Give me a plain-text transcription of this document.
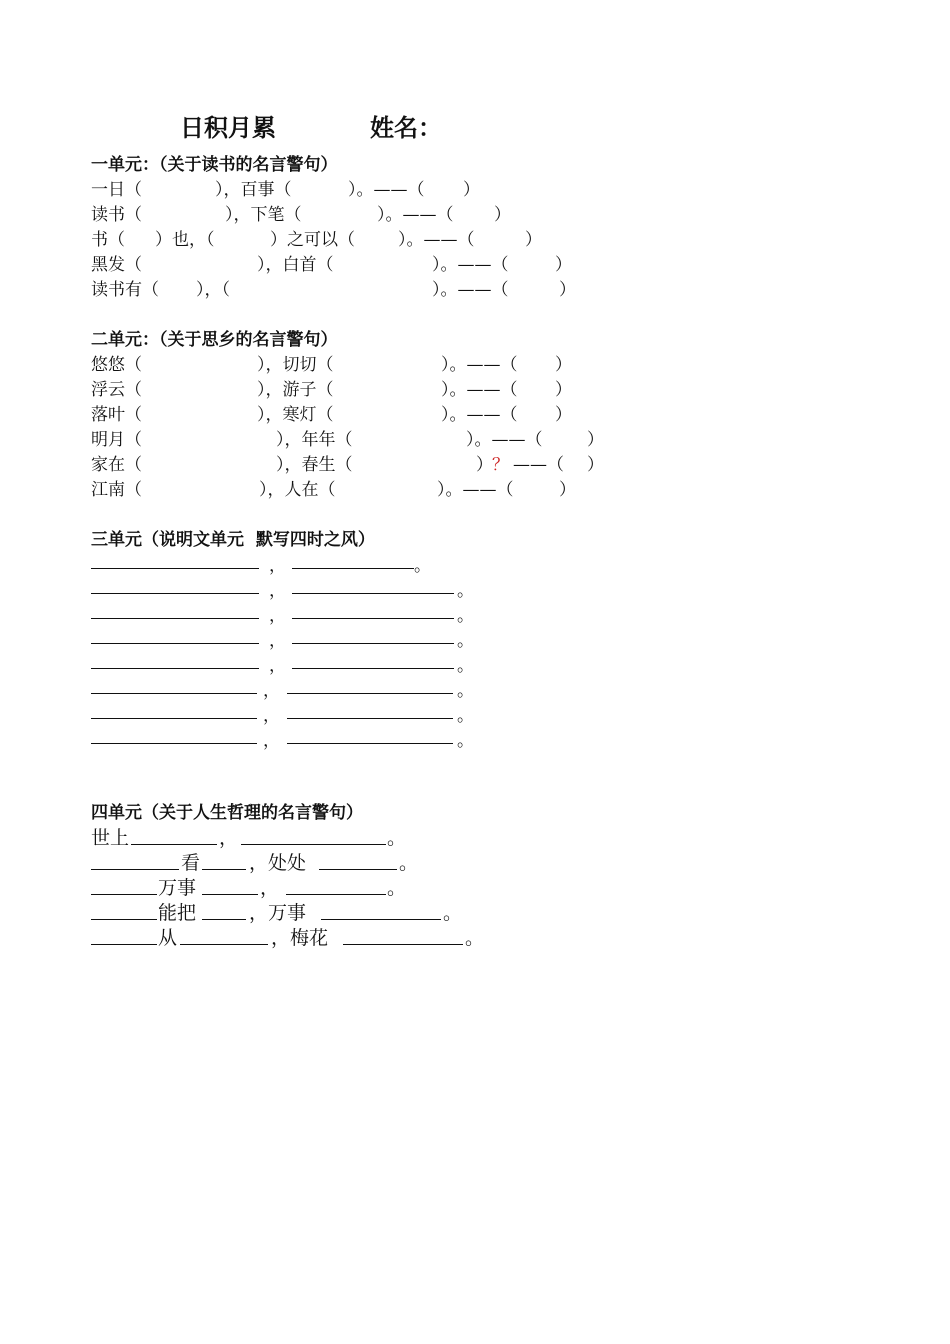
日积月累	姓名：
一单元：（关于读书的名言警句）

一日（

	），百事（

	）。——（

）

读书（

	），下笔（

	）。——（

）

书（

）也，（

	）之可以（

	）。——（

	）

黑发（

	），白首（

	）。——（

	）

读书有（

），（

	）。——（

	）

二单元：（关于思乡的名言警句）

悠悠（

	），切切（

	）。——（

）

浮云（

	），游子（

	）。——（

）

落叶（

	），寒灯（

	）。——（

）

明月（

	），年年（

	）。——（

	）

家在（

	），春生（

	）

？

——（

）

江南（

	），人在（

	）。——（

	）

三单元（说明文单元  默写四时之风）
，	。
，	。
，	。
，	。
，	。
，	。
，	。
，	。
四单元（关于人生哲理的名言警句）

世上

	，

	。

看

	，处处

	。

万事

	，

	。

能把

	，万事

	。

从

	，梅花

	。
